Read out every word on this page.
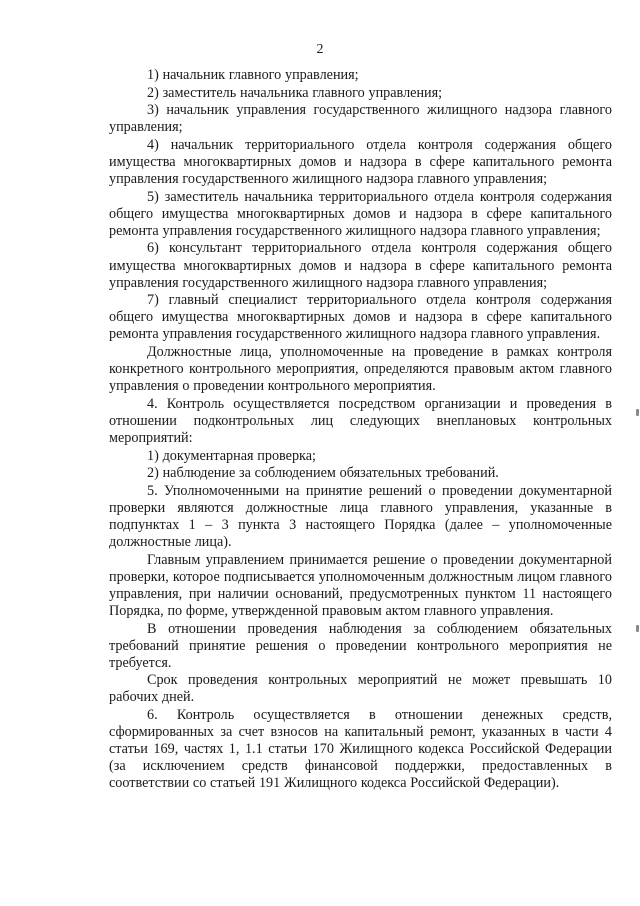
2

1) начальник главного управления;

2) заместитель начальника главного управления;

3) начальник управления государственного жилищного надзора главного управления;

4) начальник территориального отдела контроля содержания общего имущества многоквартирных домов и надзора в сфере капитального ремонта управления государственного жилищного надзора главного управления;

5) заместитель начальника территориального отдела контроля содержания общего имущества многоквартирных домов и надзора в сфере капитального ремонта управления государственного жилищного надзора главного управления;

6) консультант территориального отдела контроля содержания общего имущества многоквартирных домов и надзора в сфере капитального ремонта управления государственного жилищного надзора главного управления;

7) главный специалист территориального отдела контроля содержания общего имущества многоквартирных домов и надзора в сфере капитального ремонта управления государственного жилищного надзора главного управления.

Должностные лица, уполномоченные на проведение в рамках контроля конкретного контрольного мероприятия, определяются правовым актом главного управления о проведении контрольного мероприятия.

4. Контроль осуществляется посредством организации и проведения в отношении подконтрольных лиц следующих внеплановых контрольных мероприятий:

1) документарная проверка;

2) наблюдение за соблюдением обязательных требований.

5. Уполномоченными на принятие решений о проведении документарной проверки являются должностные лица главного управления, указанные в подпунктах 1 – 3 пункта 3 настоящего Порядка (далее – уполномоченные должностные лица).

Главным управлением принимается решение о проведении документарной проверки, которое подписывается уполномоченным должностным лицом главного управления, при наличии оснований, предусмотренных пунктом 11 настоящего Порядка, по форме, утвержденной правовым актом главного управления.

В отношении проведения наблюдения за соблюдением обязательных требований принятие решения о проведении контрольного мероприятия не требуется.

Срок проведения контрольных мероприятий не может превышать 10 рабочих дней.

6. Контроль осуществляется в отношении денежных средств, сформированных за счет взносов на капитальный ремонт, указанных в части 4 статьи 169, частях 1, 1.1 статьи 170 Жилищного кодекса Российской Федерации (за исключением средств финансовой поддержки, предоставленных в соответствии со статьей 191 Жилищного кодекса Российской Федерации).
